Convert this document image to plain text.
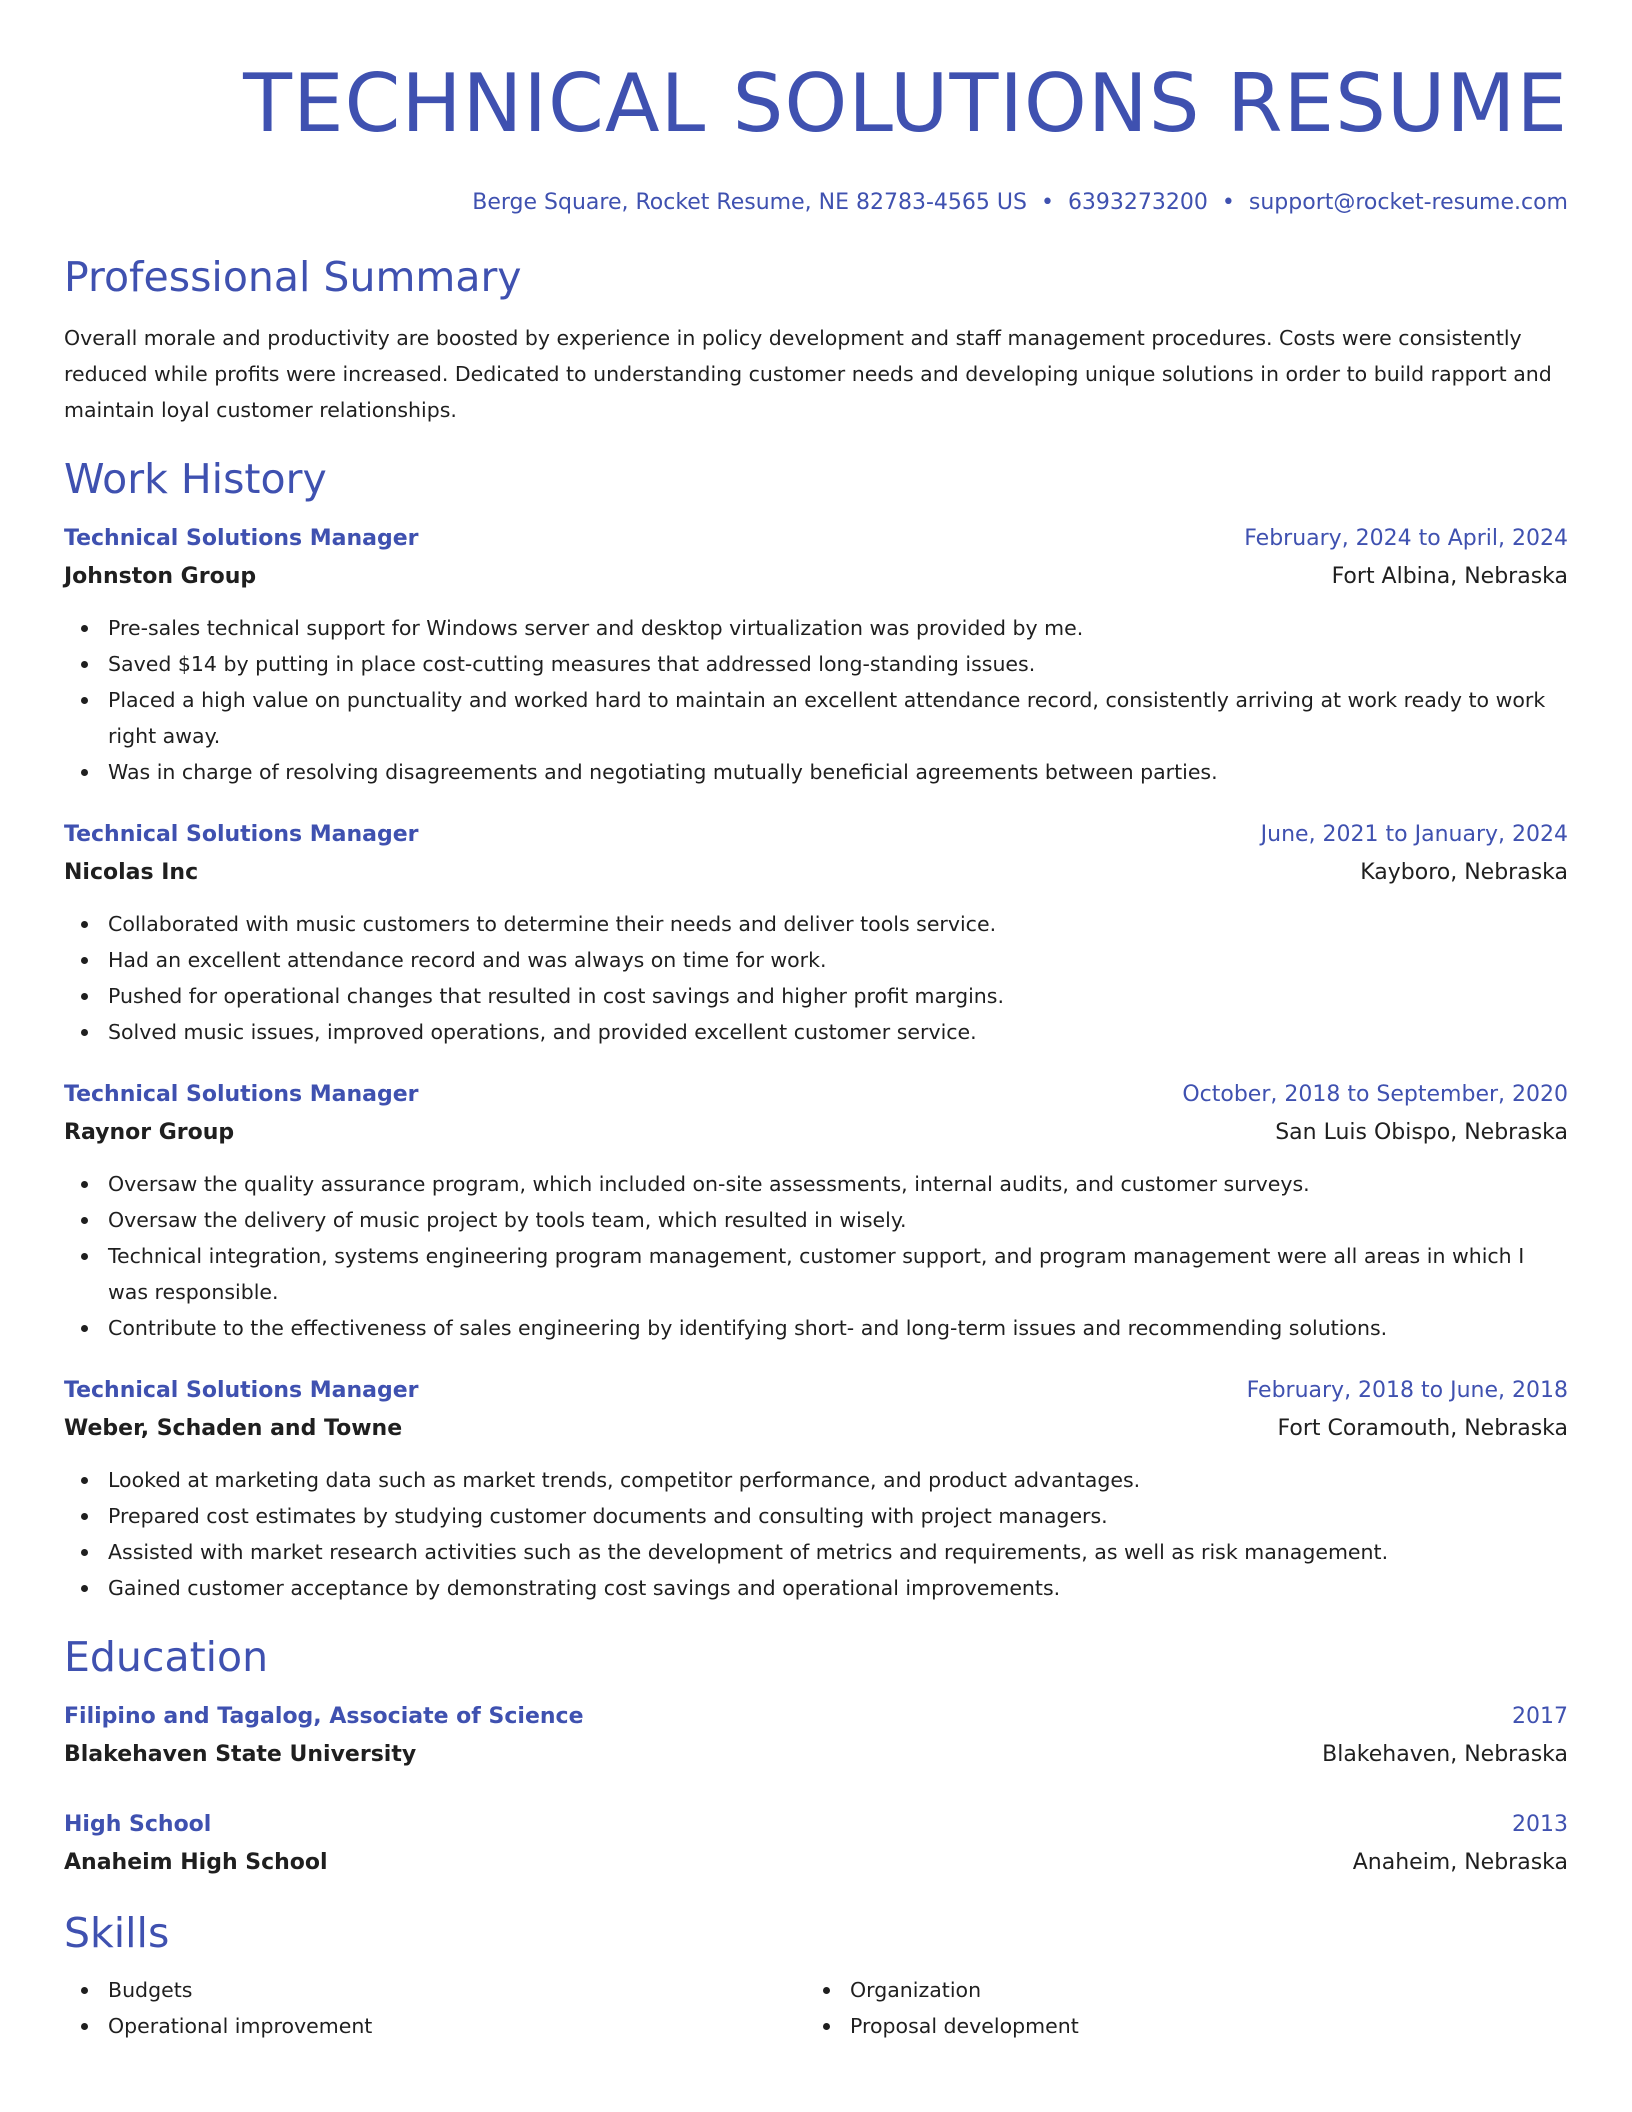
TECHNICAL SOLUTIONS RESUME
Berge Square, Rocket Resume, NE 82783-4565 US • 6393273200 • support@rocket-resume.com
Professional Summary

Overall morale and productivity are boosted by experience in policy development and staff management procedures. Costs were consistently reduced while profits were increased. Dedicated to understanding customer needs and developing unique solutions in order to build rapport and maintain loyal customer relationships.

Work History
Technical Solutions Manager	February, 2024 to April, 2024
Johnston Group	Fort Albina, Nebraska
Pre-sales technical support for Windows server and desktop virtualization was provided by me.
Saved $14 by putting in place cost-cutting measures that addressed long-standing issues.
Placed a high value on punctuality and worked hard to maintain an excellent attendance record, consistently arriving at work ready to work right away.
Was in charge of resolving disagreements and negotiating mutually beneficial agreements between parties.
Technical Solutions Manager	June, 2021 to January, 2024
Nicolas Inc	Kayboro, Nebraska
Collaborated with music customers to determine their needs and deliver tools service.
Had an excellent attendance record and was always on time for work.
Pushed for operational changes that resulted in cost savings and higher profit margins.
Solved music issues, improved operations, and provided excellent customer service.
Technical Solutions Manager	October, 2018 to September, 2020
Raynor Group	San Luis Obispo, Nebraska
Oversaw the quality assurance program, which included on-site assessments, internal audits, and customer surveys.
Oversaw the delivery of music project by tools team, which resulted in wisely.
Technical integration, systems engineering program management, customer support, and program management were all areas in which I was responsible.
Contribute to the effectiveness of sales engineering by identifying short- and long-term issues and recommending solutions.
Technical Solutions Manager	February, 2018 to June, 2018
Weber, Schaden and Towne	Fort Coramouth, Nebraska
Looked at marketing data such as market trends, competitor performance, and product advantages.
Prepared cost estimates by studying customer documents and consulting with project managers.
Assisted with market research activities such as the development of metrics and requirements, as well as risk management.
Gained customer acceptance by demonstrating cost savings and operational improvements.
Education
Filipino and Tagalog, Associate of Science	2017
Blakehaven State University	Blakehaven, Nebraska
High School	2013
Anaheim High School	Anaheim, Nebraska
Skills
Budgets
Operational improvement
Organization
Proposal development
